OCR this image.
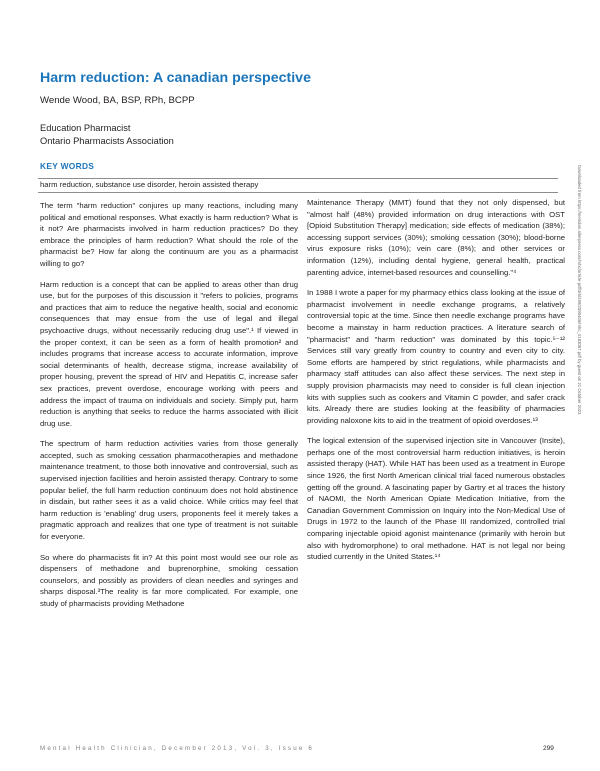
Harm reduction: A canadian perspective
Wende Wood, BA, BSP, RPh, BCPP
Education Pharmacist
Ontario Pharmacists Association
KEY WORDS
harm reduction, substance use disorder, heroin assisted therapy

The term "harm reduction" conjures up many reactions, including many political and emotional responses. What exactly is harm reduction? What is it not? Are pharmacists involved in harm reduction practices? Do they embrace the principles of harm reduction? What should the role of the pharmacist be? How far along the continuum are you as a pharmacist willing to go?

Harm reduction is a concept that can be applied to areas other than drug use, but for the purposes of this discussion it "refers to policies, programs and practices that aim to reduce the negative health, social and economic consequences that may ensue from the use of legal and illegal psychoactive drugs, without necessarily reducing drug use".¹ If viewed in the proper context, it can be seen as a form of health promotion² and includes programs that increase access to accurate information, improve social determinants of health, decrease stigma, increase availability of proper housing, prevent the spread of HIV and Hepatitis C, increase safer sex practices, prevent overdose, encourage working with peers and address the impact of trauma on individuals and society. Simply put, harm reduction is anything that seeks to reduce the harms associated with illicit drug use.

The spectrum of harm reduction activities varies from those generally accepted, such as smoking cessation pharmacotherapies and methadone maintenance treatment, to those both innovative and controversial, such as supervised injection facilities and heroin assisted therapy. Contrary to some popular belief, the full harm reduction continuum does not hold abstinence in disdain, but rather sees it as a valid choice. While critics may feel that harm reduction is 'enabling' drug users, proponents feel it merely takes a pragmatic approach and realizes that one type of treatment is not suitable for everyone.

So where do pharmacists fit in? At this point most would see our role as dispensers of methadone and buprenorphine, smoking cessation counselors, and possibly as providers of clean needles and syringes and sharps disposal.³The reality is far more complicated. For example, one study of pharmacists providing Methadone

Maintenance Therapy (MMT) found that they not only dispensed, but "almost half (48%) provided information on drug interactions with OST [Opioid Substitution Therapy] medication; side effects of medication (38%); accessing support services (30%); smoking cessation (30%); blood-borne virus exposure risks (10%); vein care (8%); and other services or information (12%), including dental hygiene, general health, practical parenting advice, internet-based resources and counselling."⁴

In 1988 I wrote a paper for my pharmacy ethics class looking at the issue of pharmacist involvement in needle exchange programs, a relatively controversial topic at the time. Since then needle exchange programs have become a mainstay in harm reduction practices. A literature search of "pharmacist" and "harm reduction" was dominated by this topic.⁵⁻¹² Services still vary greatly from country to country and even city to city. Some efforts are hampered by strict regulations, while pharmacists and pharmacy staff attitudes can also affect these services. The next step in supply provision pharmacists may need to consider is full clean injection kits with supplies such as cookers and Vitamin C powder, and safer crack kits. Already there are studies looking at the feasibility of pharmacies providing naloxone kits to aid in the treatment of opioid overdoses.¹³

The logical extension of the supervised injection site in Vancouver (Insite), perhaps one of the most controversial harm reduction initiatives, is heroin assisted therapy (HAT). While HAT has been used as a treatment in Europe since 1926, the first North American clinical trial faced numerous obstacles getting off the ground. A fascinating paper by Gartry et al traces the history of NAOMI, the North American Opiate Medication Initiative, from the Canadian Government Commission on Inquiry into the Non-Medical Use of Drugs in 1972 to the launch of the Phase III randomized, controlled trial comparing injectable opioid agonist maintenance (primarily with heroin but also with hydromorphone) to oral methadone. HAT is not legal nor being studied currently in the United States.¹⁴

Downloaded from https://meridian.allenpress.com/mhc/article-pdf/3/6/299/2090406/mhc_n183087.pdf by guest on 21 October 2023
Mental Health Clinician, December 2013, Vol. 3, Issue 6	299
